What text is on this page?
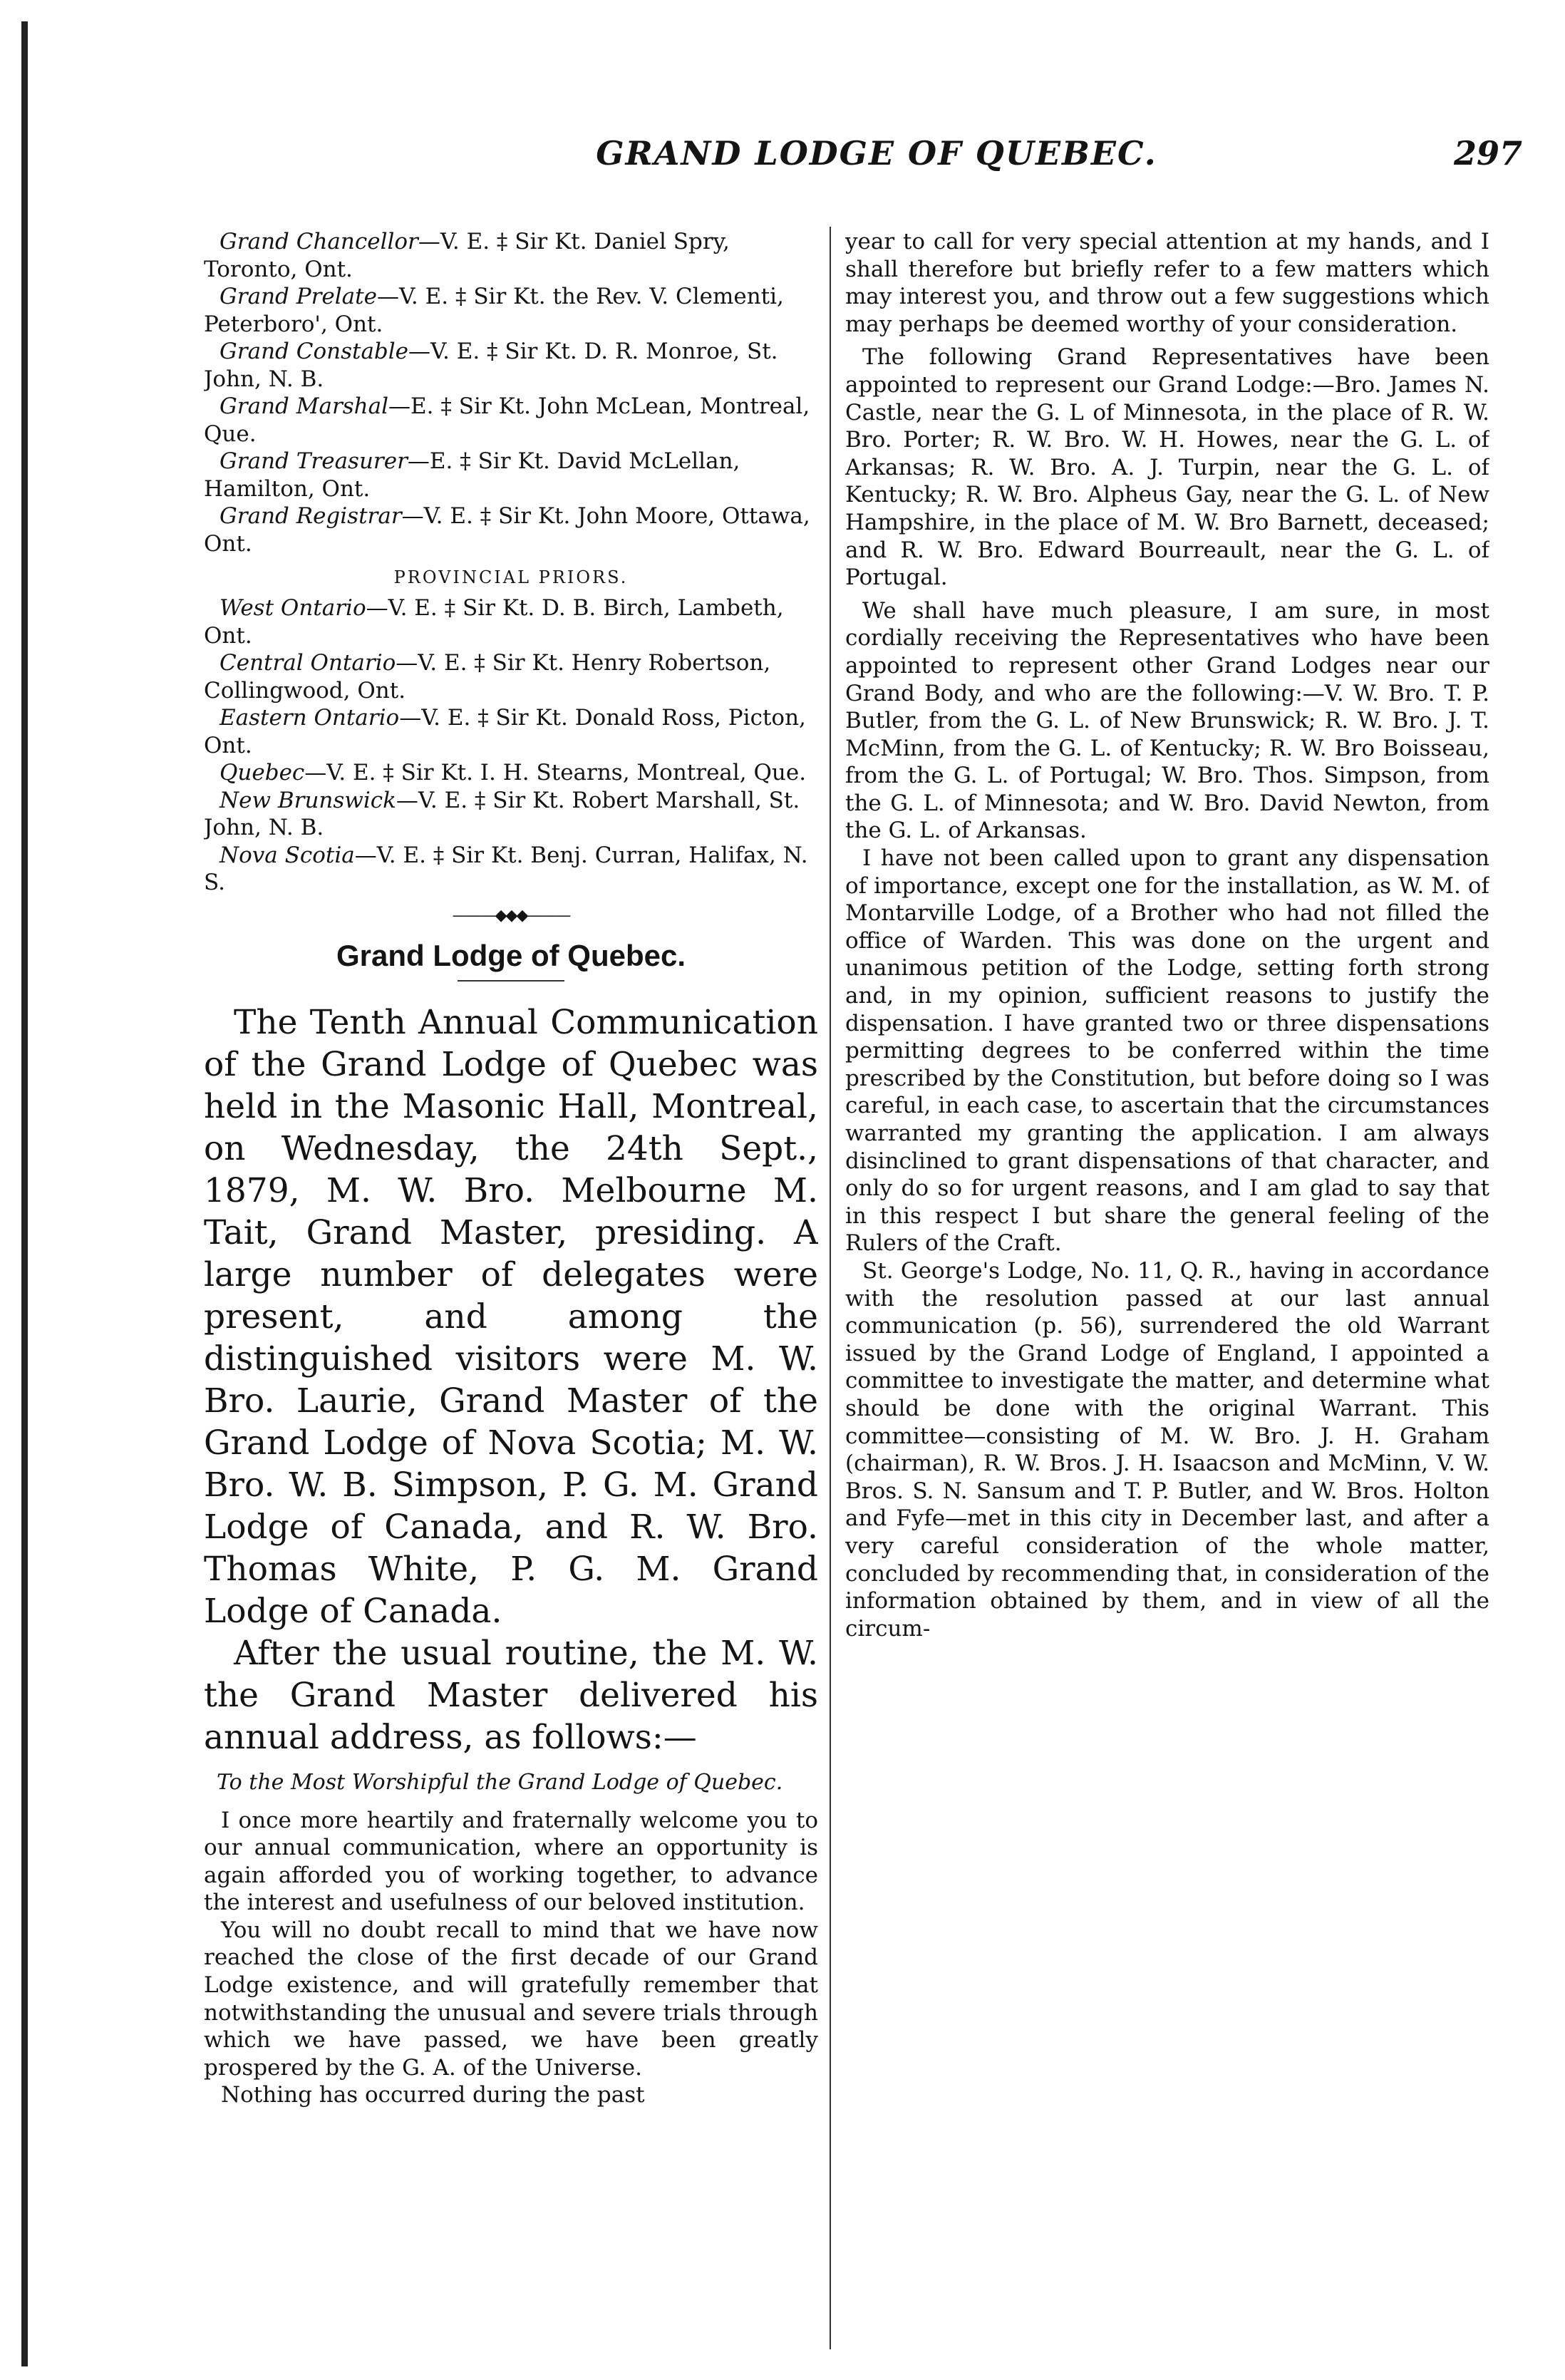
GRAND LODGE OF QUEBEC.	297

Grand Chancellor—V. E. ‡ Sir Kt. Daniel Spry, Toronto, Ont.

Grand Prelate—V. E. ‡ Sir Kt. the Rev. V. Clementi, Peterboro', Ont.

Grand Constable—V. E. ‡ Sir Kt. D. R. Monroe, St. John, N. B.

Grand Marshal—E. ‡ Sir Kt. John McLean, Montreal, Que.

Grand Treasurer—E. ‡ Sir Kt. David McLellan, Hamilton, Ont.

Grand Registrar—V. E. ‡ Sir Kt. John Moore, Ottawa, Ont.

PROVINCIAL PRIORS.

West Ontario—V. E. ‡ Sir Kt. D. B. Birch, Lambeth, Ont.

Central Ontario—V. E. ‡ Sir Kt. Henry Robertson, Collingwood, Ont.

Eastern Ontario—V. E. ‡ Sir Kt. Donald Ross, Picton, Ont.

Quebec—V. E. ‡ Sir Kt. I. H. Stearns, Montreal, Que.

New Brunswick—V. E. ‡ Sir Kt. Robert Marshall, St. John, N. B.

Nova Scotia—V. E. ‡ Sir Kt. Benj. Curran, Halifax, N. S.

———◆◆◆———
Grand Lodge of Quebec.

The Tenth Annual Communication of the Grand Lodge of Quebec was held in the Masonic Hall, Montreal, on Wednesday, the 24th Sept., 1879, M. W. Bro. Melbourne M. Tait, Grand Master, presiding. A large number of delegates were present, and among the distinguished visitors were M. W. Bro. Laurie, Grand Master of the Grand Lodge of Nova Scotia; M. W. Bro. W. B. Simpson, P. G. M. Grand Lodge of Canada, and R. W. Bro. Thomas White, P. G. M. Grand Lodge of Canada.

After the usual routine, the M. W. the Grand Master delivered his annual address, as follows:—

To the Most Worshipful the Grand Lodge of Quebec.

I once more heartily and fraternally welcome you to our annual communication, where an opportunity is again afforded you of working together, to advance the interest and usefulness of our beloved institution.

You will no doubt recall to mind that we have now reached the close of the first decade of our Grand Lodge existence, and will gratefully remember that notwithstanding the unusual and severe trials through which we have passed, we have been greatly prospered by the G. A. of the Universe.

Nothing has occurred during the past

year to call for very special attention at my hands, and I shall therefore but briefly refer to a few matters which may interest you, and throw out a few suggestions which may perhaps be deemed worthy of your consideration.

The following Grand Representatives have been appointed to represent our Grand Lodge:—Bro. James N. Castle, near the G. L of Minnesota, in the place of R. W. Bro. Porter; R. W. Bro. W. H. Howes, near the G. L. of Arkansas; R. W. Bro. A. J. Turpin, near the G. L. of Kentucky; R. W. Bro. Alpheus Gay, near the G. L. of New Hampshire, in the place of M. W. Bro Barnett, deceased; and R. W. Bro. Edward Bourreault, near the G. L. of Portugal.

We shall have much pleasure, I am sure, in most cordially receiving the Representatives who have been appointed to represent other Grand Lodges near our Grand Body, and who are the following:—V. W. Bro. T. P. Butler, from the G. L. of New Brunswick; R. W. Bro. J. T. McMinn, from the G. L. of Kentucky; R. W. Bro Boisseau, from the G. L. of Portugal; W. Bro. Thos. Simpson, from the G. L. of Minnesota; and W. Bro. David Newton, from the G. L. of Arkansas.

I have not been called upon to grant any dispensation of importance, except one for the installation, as W. M. of Montarville Lodge, of a Brother who had not filled the office of Warden. This was done on the urgent and unanimous petition of the Lodge, setting forth strong and, in my opinion, sufficient reasons to justify the dispensation. I have granted two or three dispensations permitting degrees to be conferred within the time prescribed by the Constitution, but before doing so I was careful, in each case, to ascertain that the circumstances warranted my granting the application. I am always disinclined to grant dispensations of that character, and only do so for urgent reasons, and I am glad to say that in this respect I but share the general feeling of the Rulers of the Craft.

St. George's Lodge, No. 11, Q. R., having in accordance with the resolution passed at our last annual communication (p. 56), surrendered the old Warrant issued by the Grand Lodge of England, I appointed a committee to investigate the matter, and determine what should be done with the original Warrant. This committee—consisting of M. W. Bro. J. H. Graham (chairman), R. W. Bros. J. H. Isaacson and McMinn, V. W. Bros. S. N. Sansum and T. P. Butler, and W. Bros. Holton and Fyfe—met in this city in December last, and after a very careful consideration of the whole matter, concluded by recommending that, in consideration of the information obtained by them, and in view of all the circum-
